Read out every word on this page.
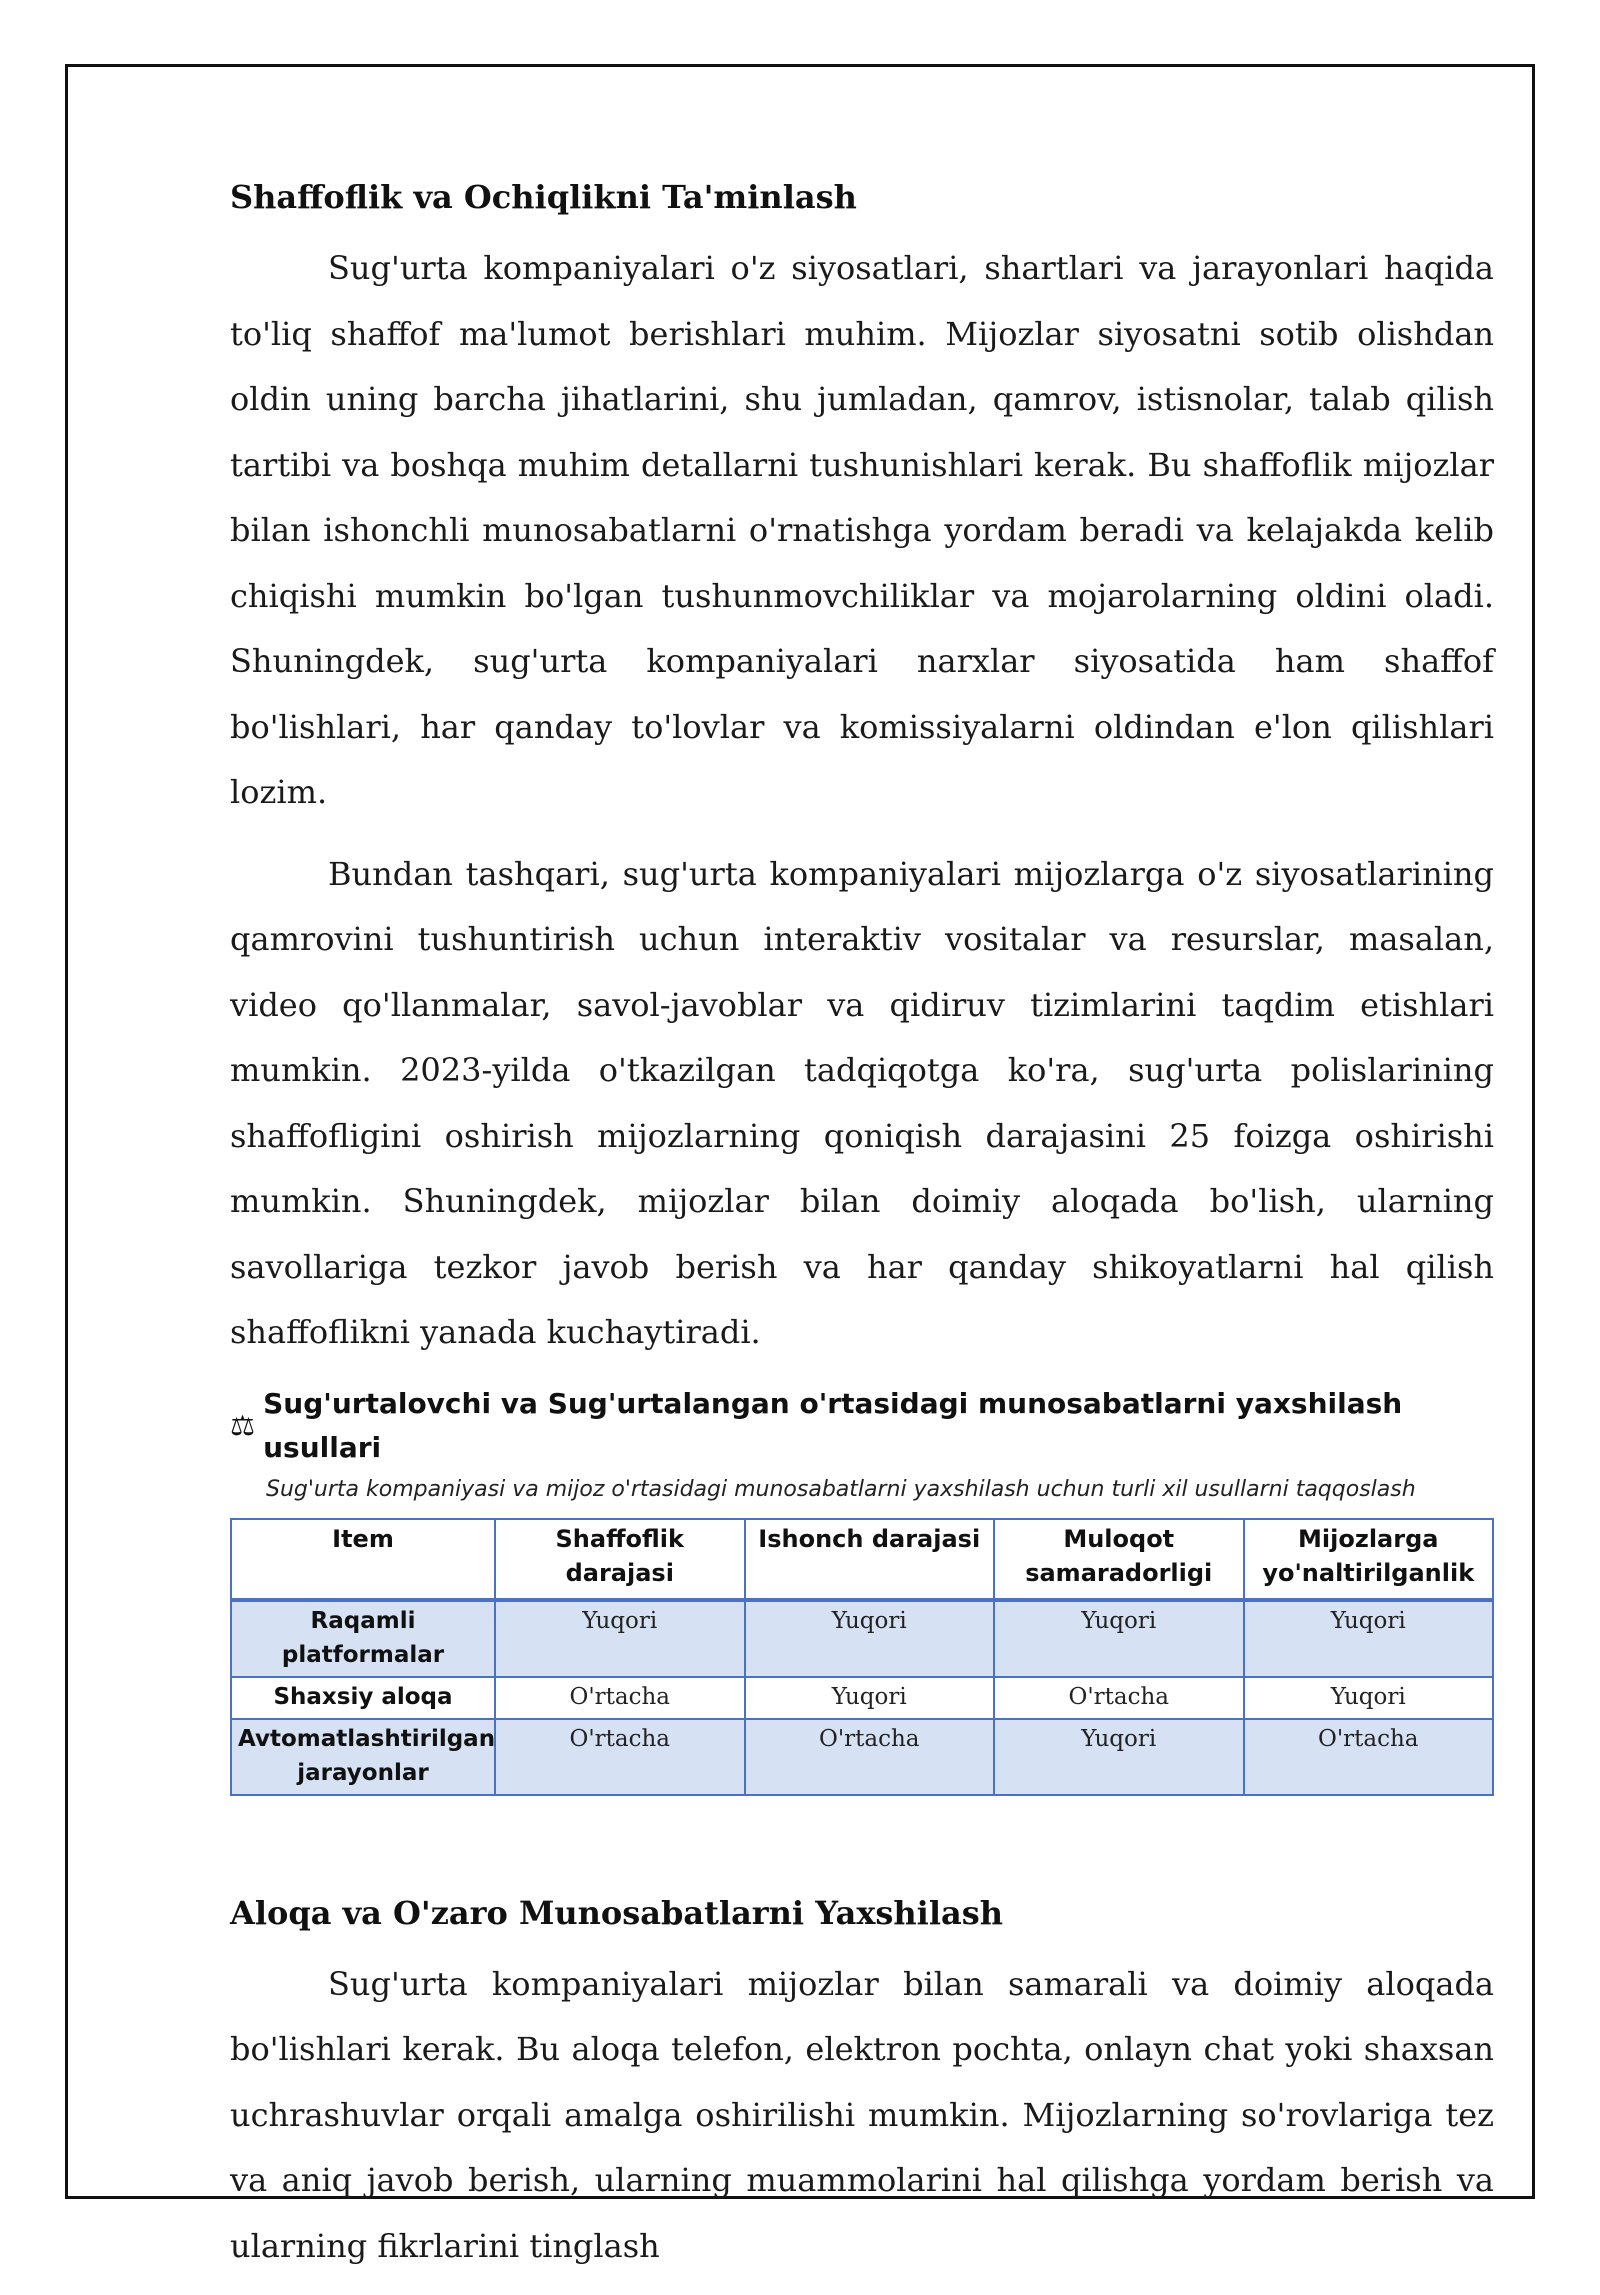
Shaffoflik va Ochiqlikni Ta'minlash

Sug'urta kompaniyalari o'z siyosatlari, shartlari va jarayonlari haqida to'liq shaffof ma'lumot berishlari muhim. Mijozlar siyosatni sotib olishdan oldin uning barcha jihatlarini, shu jumladan, qamrov, istisnolar, talab qilish tartibi va boshqa muhim detallarni tushunishlari kerak. Bu shaffoflik mijozlar bilan ishonchli munosabatlarni o'rnatishga yordam beradi va kelajakda kelib chiqishi mumkin bo'lgan tushunmovchiliklar va mojarolarning oldini oladi. Shuningdek, sug'urta kompaniyalari narxlar siyosatida ham shaffof bo'lishlari, har qanday to'lovlar va komissiyalarni oldindan e'lon qilishlari lozim.

Bundan tashqari, sug'urta kompaniyalari mijozlarga o'z siyosatlarining qamrovini tushuntirish uchun interaktiv vositalar va resurslar, masalan, video qo'llanmalar, savol-javoblar va qidiruv tizimlarini taqdim etishlari mumkin. 2023-yilda o'tkazilgan tadqiqotga ko'ra, sug'urta polislarining shaffofligini oshirish mijozlarning qoniqish darajasini 25 foizga oshirishi mumkin. Shuningdek, mijozlar bilan doimiy aloqada bo'lish, ularning savollariga tezkor javob berish va har qanday shikoyatlarni hal qilish shaffoflikni yanada kuchaytiradi.

⚖
Sug'urtalovchi va Sug'urtalangan o'rtasidagi munosabatlarni yaxshilash usullari
Sug'urta kompaniyasi va mijoz o'rtasidagi munosabatlarni yaxshilash uchun turli xil usullarni taqqoslash
Item	Shaffoflik darajasi	Ishonch darajasi	Muloqot samaradorligi	Mijozlarga yo'naltirilganlik
Raqamli platformalar	Yuqori	Yuqori	Yuqori	Yuqori
Shaxsiy aloqa	O'rtacha	Yuqori	O'rtacha	Yuqori
Avtomatlashtirilgan jarayonlar	O'rtacha	O'rtacha	Yuqori	O'rtacha
Aloqa va O'zaro Munosabatlarni Yaxshilash

Sug'urta kompaniyalari mijozlar bilan samarali va doimiy aloqada bo'lishlari kerak. Bu aloqa telefon, elektron pochta, onlayn chat yoki shaxsan uchrashuvlar orqali amalga oshirilishi mumkin. Mijozlarning so'rovlariga tez va aniq javob berish, ularning muammolarini hal qilishga yordam berish va ularning fikrlarini tinglash
